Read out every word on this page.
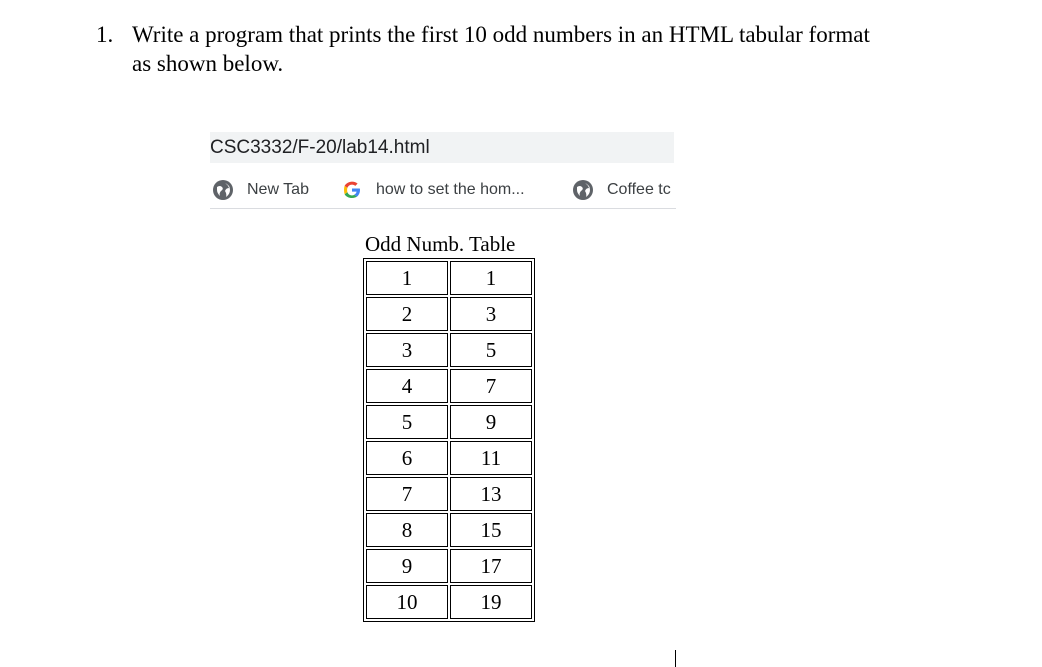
1. Write a program that prints the first 10 odd numbers in an HTML tabular format
as shown below.
CSC3332/F-20/lab14.html
New Tab	how to set the hom...	Coffee tc
Odd Numb. Table
1	1
2	3
3	5
4	7
5	9
6	11
7	13
8	15
9	17
10	19
